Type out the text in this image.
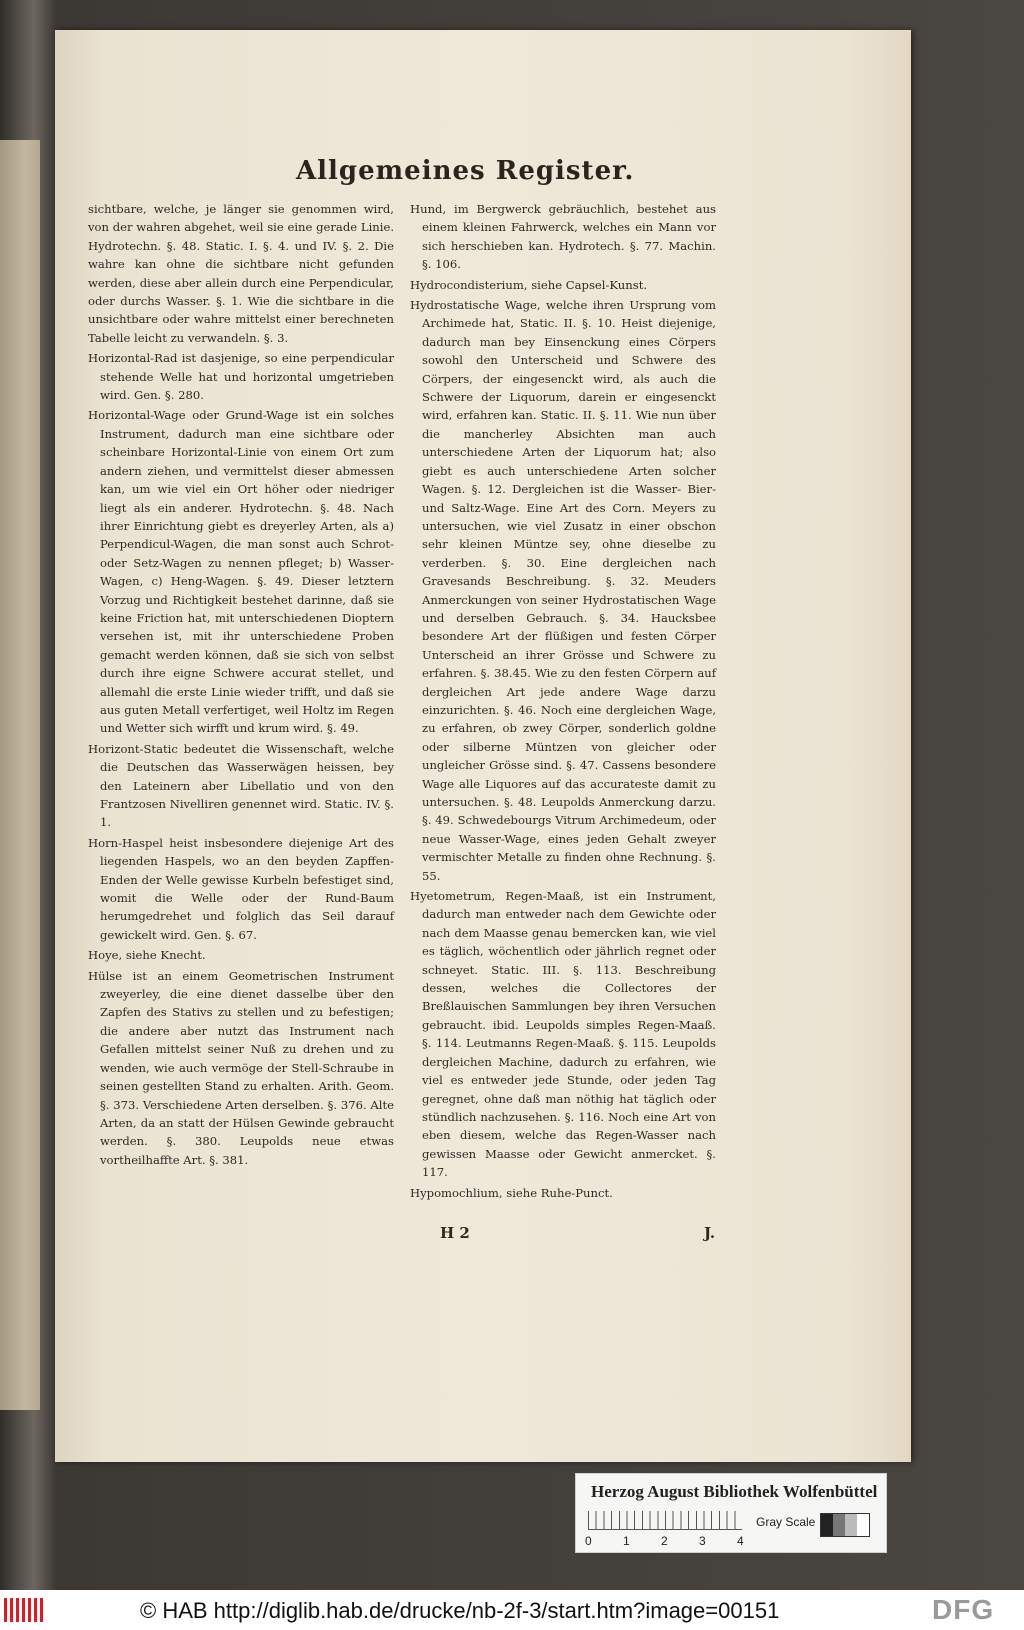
Allgemeines Register.

sichtbare, welche, je länger sie genommen wird, von der wahren abgehet, weil sie eine gerade Linie. Hydrotechn. §. 48. Static. I. §. 4. und IV. §. 2. Die wahre kan ohne die sichtbare nicht gefunden werden, diese aber allein durch eine Perpendicular, oder durchs Wasser. §. 1. Wie die sichtbare in die unsichtbare oder wahre mittelst einer berechneten Tabelle leicht zu verwandeln. §. 3.

Horizontal-Rad ist dasjenige, so eine perpendicular stehende Welle hat und horizontal umgetrieben wird. Gen. §. 280.

Horizontal-Wage oder Grund-Wage ist ein solches Instrument, dadurch man eine sichtbare oder scheinbare Horizontal-Linie von einem Ort zum andern ziehen, und vermittelst dieser abmessen kan, um wie viel ein Ort höher oder niedriger liegt als ein anderer. Hydrotechn. §. 48. Nach ihrer Einrichtung giebt es dreyerley Arten, als a) Perpendicul-Wagen, die man sonst auch Schrot- oder Setz-Wagen zu nennen pfleget; b) Wasser-Wagen, c) Heng-Wagen. §. 49. Dieser letztern Vorzug und Richtigkeit bestehet darinne, daß sie keine Friction hat, mit unterschiedenen Dioptern versehen ist, mit ihr unterschiedene Proben gemacht werden können, daß sie sich von selbst durch ihre eigne Schwere accurat stellet, und allemahl die erste Linie wieder trifft, und daß sie aus guten Metall verfertiget, weil Holtz im Regen und Wetter sich wirfft und krum wird. §. 49.

Horizont-Static bedeutet die Wissenschaft, welche die Deutschen das Wasserwägen heissen, bey den Lateinern aber Libellatio und von den Frantzosen Nivelliren genennet wird. Static. IV. §. 1.

Horn-Haspel heist insbesondere diejenige Art des liegenden Haspels, wo an den beyden Zapffen-Enden der Welle gewisse Kurbeln befestiget sind, womit die Welle oder der Rund-Baum herumgedrehet und folglich das Seil darauf gewickelt wird. Gen. §. 67.

Hoye, siehe Knecht.

Hülse ist an einem Geometrischen Instrument zweyerley, die eine dienet dasselbe über den Zapfen des Stativs zu stellen und zu befestigen; die andere aber nutzt das Instrument nach Gefallen mittelst seiner Nuß zu drehen und zu wenden, wie auch vermöge der Stell-Schraube in seinen gestellten Stand zu erhalten. Arith. Geom. §. 373. Verschiedene Arten derselben. §. 376. Alte Arten, da an statt der Hülsen Gewinde gebraucht werden. §. 380. Leupolds neue etwas vortheilhaffte Art. §. 381.

Hund, im Bergwerck gebräuchlich, bestehet aus einem kleinen Fahrwerck, welches ein Mann vor sich herschieben kan. Hydrotech. §. 77. Machin. §. 106.

Hydrocondisterium, siehe Capsel-Kunst.

Hydrostatische Wage, welche ihren Ursprung vom Archimede hat, Static. II. §. 10. Heist diejenige, dadurch man bey Einsenckung eines Cörpers sowohl den Unterscheid und Schwere des Cörpers, der eingesenckt wird, als auch die Schwere der Liquorum, darein er eingesenckt wird, erfahren kan. Static. II. §. 11. Wie nun über die mancherley Absichten man auch unterschiedene Arten der Liquorum hat; also giebt es auch unterschiedene Arten solcher Wagen. §. 12. Dergleichen ist die Wasser- Bier- und Saltz-Wage. Eine Art des Corn. Meyers zu untersuchen, wie viel Zusatz in einer obschon sehr kleinen Müntze sey, ohne dieselbe zu verderben. §. 30. Eine dergleichen nach Gravesands Beschreibung. §. 32. Meuders Anmerckungen von seiner Hydrostatischen Wage und derselben Gebrauch. §. 34. Haucksbee besondere Art der flüßigen und festen Cörper Unterscheid an ihrer Grösse und Schwere zu erfahren. §. 38.45. Wie zu den festen Cörpern auf dergleichen Art jede andere Wage darzu einzurichten. §. 46. Noch eine dergleichen Wage, zu erfahren, ob zwey Cörper, sonderlich goldne oder silberne Müntzen von gleicher oder ungleicher Grösse sind. §. 47. Cassens besondere Wage alle Liquores auf das accurateste damit zu untersuchen. §. 48. Leupolds Anmerckung darzu. §. 49. Schwedebourgs Vitrum Archimedeum, oder neue Wasser-Wage, eines jeden Gehalt zweyer vermischter Metalle zu finden ohne Rechnung. §. 55.

Hyetometrum, Regen-Maaß, ist ein Instrument, dadurch man entweder nach dem Gewichte oder nach dem Maasse genau bemercken kan, wie viel es täglich, wöchentlich oder jährlich regnet oder schneyet. Static. III. §. 113. Beschreibung dessen, welches die Collectores der Breßlauischen Sammlungen bey ihren Versuchen gebraucht. ibid. Leupolds simples Regen-Maaß. §. 114. Leutmanns Regen-Maaß. §. 115. Leupolds dergleichen Machine, dadurch zu erfahren, wie viel es entweder jede Stunde, oder jeden Tag geregnet, ohne daß man nöthig hat täglich oder stündlich nachzusehen. §. 116. Noch eine Art von eben diesem, welche das Regen-Wasser nach gewissen Maasse oder Gewicht anmercket. §. 117.

Hypomochlium, siehe Ruhe-Punct.

H 2	J.
Herzog August Bibliothek Wolfenbüttel
0	1	2	3	4
Gray Scale
© HAB http://diglib.hab.de/drucke/nb-2f-3/start.htm?image=00151	DFG
